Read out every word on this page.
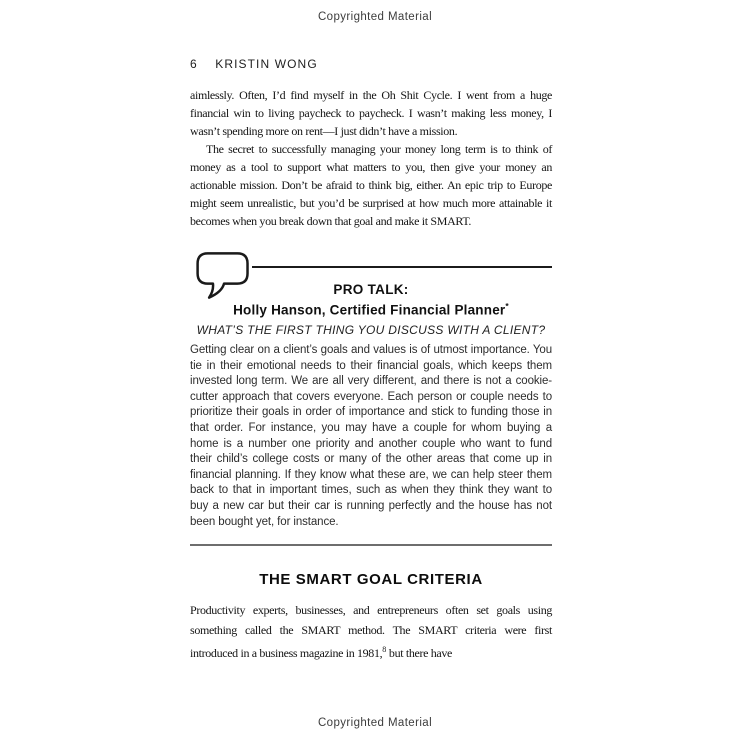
Copyrighted Material
6 KRISTIN WONG

aimlessly. Often, I’d find myself in the Oh Shit Cycle. I went from a huge financial win to living paycheck to paycheck. I wasn’t making less money, I wasn’t spending more on rent—I just didn’t have a mission.

The secret to successfully managing your money long term is to think of money as a tool to support what matters to you, then give your money an actionable mission. Don’t be afraid to think big, either. An epic trip to Europe might seem unrealistic, but you’d be surprised at how much more attainable it becomes when you break down that goal and make it SMART.

PRO TALK:
Holly Hanson, Certified Financial Planner*
WHAT’S THE FIRST THING YOU DISCUSS WITH A CLIENT?

Getting clear on a client’s goals and values is of utmost importance. You tie in their emotional needs to their financial goals, which keeps them invested long term. We are all very different, and there is not a cookie-cutter approach that covers everyone. Each person or couple needs to prioritize their goals in order of importance and stick to funding those in that order. For instance, you may have a couple for whom buying a home is a number one priority and another couple who want to fund their child’s college costs or many of the other areas that come up in financial planning. If they know what these are, we can help steer them back to that in important times, such as when they think they want to buy a new car but their car is running perfectly and the house has not been bought yet, for instance.

THE SMART GOAL CRITERIA

Productivity experts, businesses, and entrepreneurs often set goals using something called the SMART method. The SMART criteria were first introduced in a business magazine in 1981,$^8$ but there have

Copyrighted Material
